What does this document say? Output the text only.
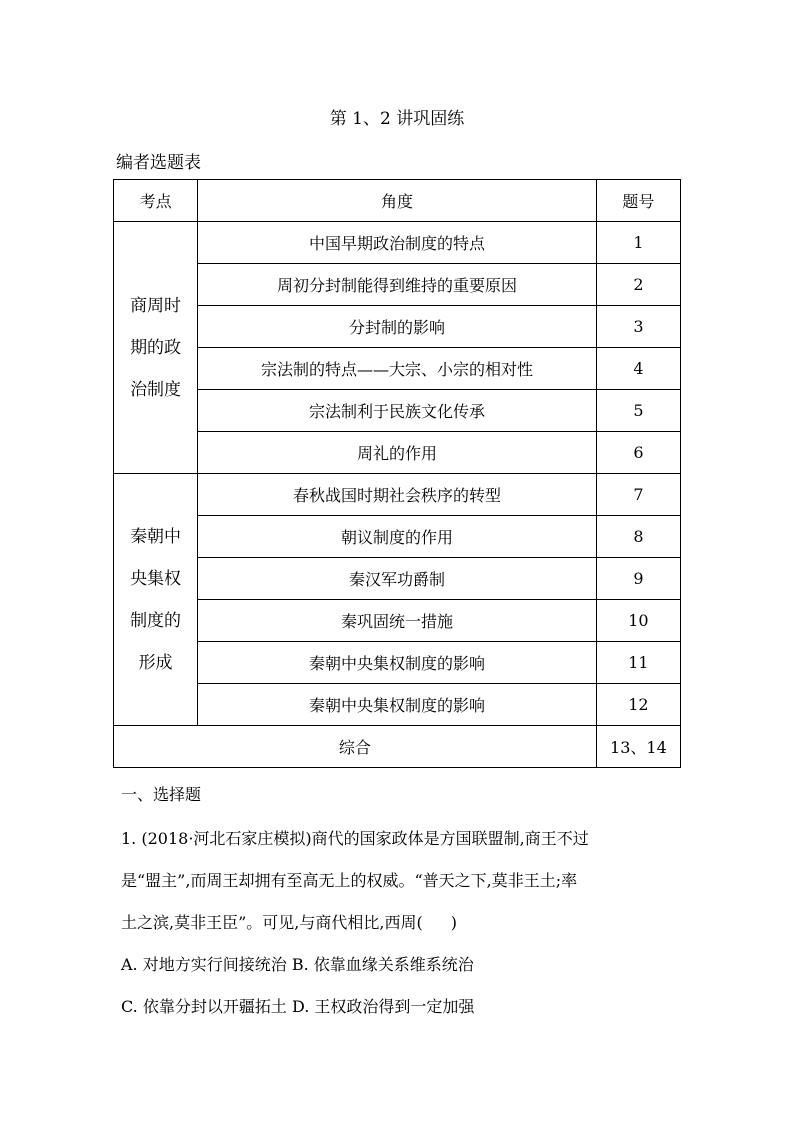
第 1、2 讲巩固练
编者选题表
考点	角度	题号

商周时
期的政
治制度	中国早期政治制度的特点	1
	周初分封制能得到维持的重要原因	2
	分封制的影响	3
	宗法制的特点——大宗、小宗的相对性	4
	宗法制利于民族文化传承	5
	周礼的作用	6

秦朝中
央集权
制度的
形成	春秋战国时期社会秩序的转型	7
	朝议制度的作用	8
	秦汉军功爵制	9
	秦巩固统一措施	10
	秦朝中央集权制度的影响	11
	秦朝中央集权制度的影响	12
综合		13、14
一、选择题

1. (2018·河北石家庄模拟)商代的国家政体是方国联盟制,商王不过

是“盟主”,而周王却拥有至高无上的权威。“普天之下,莫非王土;率

土之滨,莫非王臣”。可见,与商代相比,西周( )

A. 对地方实行间接统治 B. 依靠血缘关系维系统治

C. 依靠分封以开疆拓土 D. 王权政治得到一定加强
